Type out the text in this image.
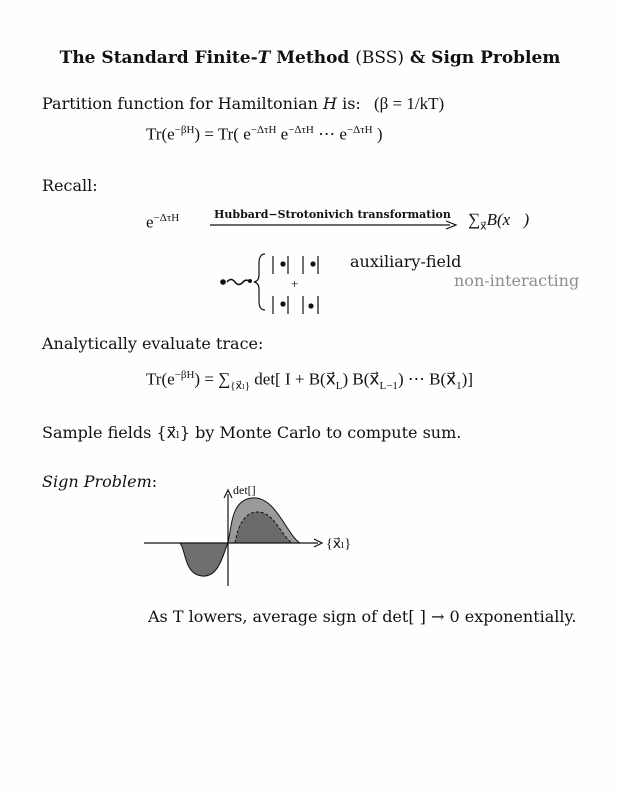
The Standard Finite-T Method (BSS) & Sign Problem
Partition function for Hamiltonian H is: (β = 1/kT)
$Tr(e^{-\beta H}) = Tr$( $e^{-\Delta\tau H}$ $e^{-\Delta\tau H}$ ⋯ $e^{-\Delta\tau H}$ )
Recall:
$e^{-\Delta\tau H}$	Hubbard−Strotonivich transformation $\sum_{x⃗}B(x⃗)$
+
auxiliary-field
non-interacting
Analytically evaluate trace:
$Tr(e^{-\beta H}) = \sum_{\{x⃗_l\}}$ det[ $I + B(x⃗_L)$ $B(x⃗_{L-1})$ ⋯ $B(x⃗_1)$]
Sample fields {x⃗ₗ} by Monte Carlo to compute sum.
Sign Problem:	det[]
{x⃗ₗ}
As T lowers, average sign of det[ ] → 0 exponentially.
